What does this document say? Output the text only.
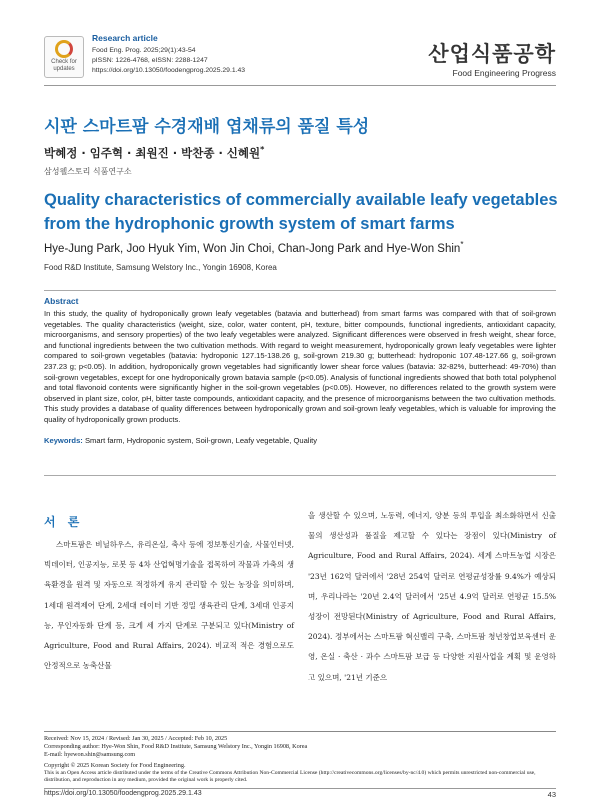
Check for
updates
Research article
Food Eng. Prog. 2025;29(1):43-54
pISSN: 1226-4768, eISSN: 2288-1247
https://doi.org/10.13050/foodengprog.2025.29.1.43
산업식품공학
Food Engineering Progress
시판 스마트팜 수경재배 엽채류의 품질 특성
박혜정 · 임주혁 · 최원진 · 박찬종 · 신혜원*
삼성웰스토리 식품연구소
Quality characteristics of commercially available leafy vegetables from the hydrophonic growth system of smart farms
Hye-Jung Park, Joo Hyuk Yim, Won Jin Choi, Chan-Jong Park and Hye-Won Shin*
Food R&D Institute, Samsung Welstory Inc., Yongin 16908, Korea
Abstract
In this study, the quality of hydroponically grown leafy vegetables (batavia and butterhead) from smart farms was compared with that of soil-grown vegetables. The quality characteristics (weight, size, color, water content, pH, texture, bitter compounds, functional ingredients, antioxidant capacity, microorganisms, and sensory properties) of the two leafy vegetables were analyzed. Significant differences were observed in fresh weight, shear force, and functional ingredients between the two cultivation methods. With regard to weight measurement, hydroponically grown leafy vegetables were lighter compared to soil-grown vegetables (batavia: hydroponic 127.15-138.26 g, soil-grown 219.30 g; butterhead: hydroponic 107.48-127.66 g, soil-grown 237.23 g; p<0.05). In addition, hydroponically grown vegetables had significantly lower shear force values (batavia: 32-82%, butterhead: 49-70%) than soil-grown vegetables, except for one hydroponically grown batavia sample (p<0.05). Analysis of functional ingredients showed that both total polyphenol and total flavonoid contents were significantly higher in the soil-grown vegetables (p<0.05). However, no differences related to the growth system were observed in plant size, color, pH, bitter taste compounds, antioxidant capacity, and the presence of microorganisms between the two cultivation methods. This study provides a database of quality differences between hydroponically grown and soil-grown leafy vegetables, which is valuable for improving the quality of hydroponically grown products.
Keywords: Smart farm, Hydroponic system, Soil-grown, Leafy vegetable, Quality
서 론
스마트팜은 비닐하우스, 유리온실, 축사 등에 정보통신기술, 사물인터넷, 빅데이터, 인공지능, 로봇 등 4차 산업혁명기술을 접목하여 작물과 가축의 생육환경을 원격 및 자동으로 적정하게 유지 관리할 수 있는 농장을 의미하며, 1세대 원격제어 단계, 2세대 데이터 기반 정밀 생육관리 단계, 3세대 인공지능, 무인자동화 단계 등, 크게 세 가지 단계로 구분되고 있다(Ministry of Agriculture, Food and Rural Affairs, 2024). 비교적 적은 경험으로도 안정적으로 농축산물
을 생산할 수 있으며, 노동력, 에너지, 양분 등의 투입을 최소화하면서 신출물의 생산성과 품질을 제고할 수 있다는 장점이 있다(Ministry of Agriculture, Food and Rural Affairs, 2024). 세계 스마트농업 시장은 '23년 162억 달러에서 '28년 254억 달러로 연평균성장률 9.4%가 예상되며, 우리나라는 '20년 2.4억 달러에서 '25년 4.9억 달러로 연평균 15.5% 성장이 전망된다(Ministry of Agriculture, Food and Rural Affairs, 2024). 정부에서는 스마트팜 혁신밸리 구축, 스마트팜 청년창업보육센터 운영, 온실 · 축산 · 과수 스마트팜 보급 등 다양한 지원사업을 계획 및 운영하고 있으며, '21년 기준으
Received: Nov 15, 2024 / Revised: Jan 30, 2025 / Accepted: Feb 10, 2025
Corresponding author: Hye-Won Shin, Food R&D Institute, Samsung Welstory Inc., Yongin 16908, Korea
E-mail: hyewon.shin@samsung.com
Copyright © 2025 Korean Society for Food Engineering.
This is an Open Access article distributed under the terms of the Creative Commons Attribution Non-Commercial License (http://creativecommons.org/licenses/by-nc/4.0) which permits unrestricted non-commercial use, distribution, and reproduction in any medium, provided the original work is properly cited.
https://doi.org/10.13050/foodengprog.2025.29.1.43	43
